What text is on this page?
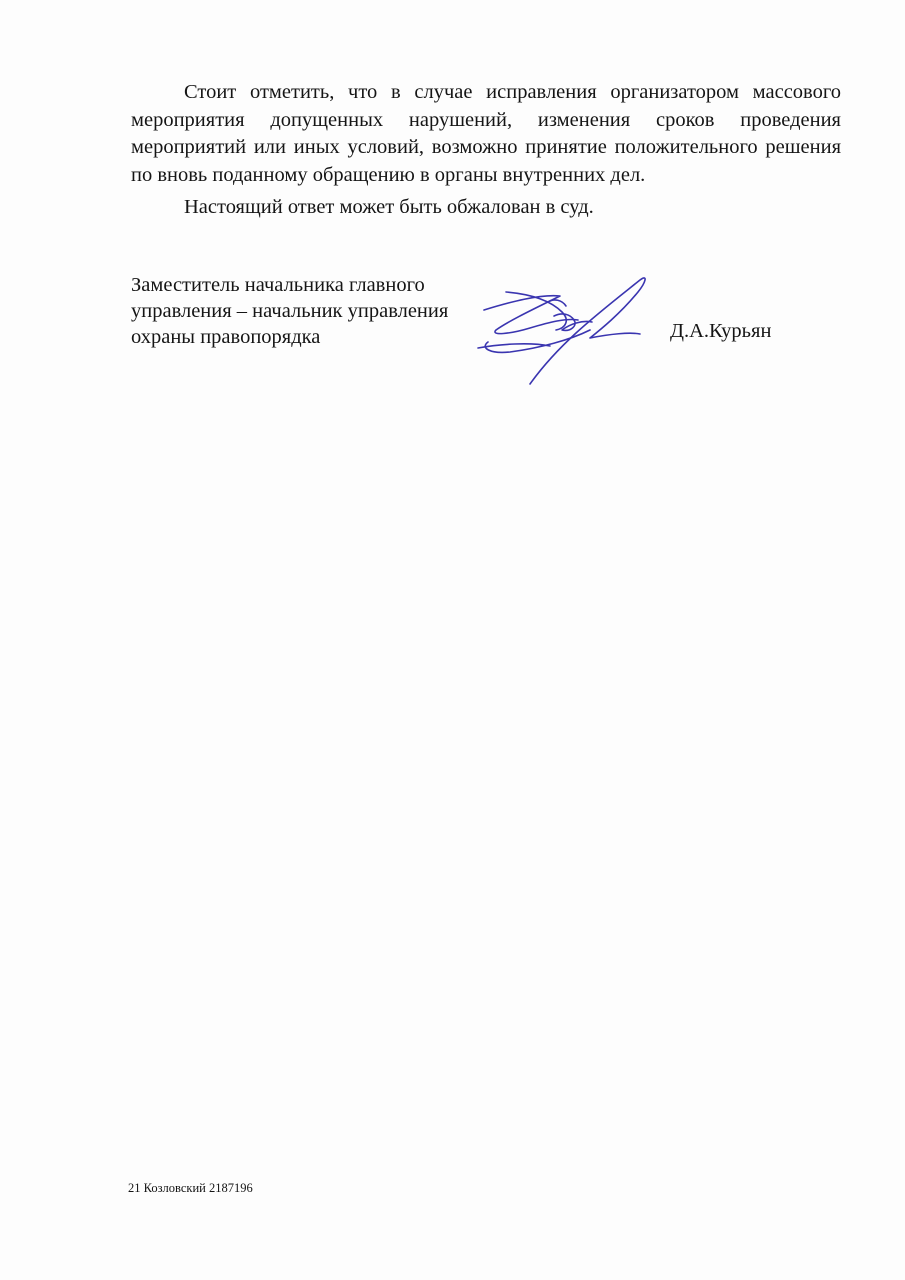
Стоит отметить, что в случае исправления организатором массового мероприятия допущенных нарушений, изменения сроков проведения мероприятий или иных условий, возможно принятие положительного решения по вновь поданному обращению в органы внутренних дел.

Настоящий ответ может быть обжалован в суд.

Заместитель начальника главного
управления – начальник управления
охраны правопорядка	Д.А.Курьян
21 Козловский 2187196
